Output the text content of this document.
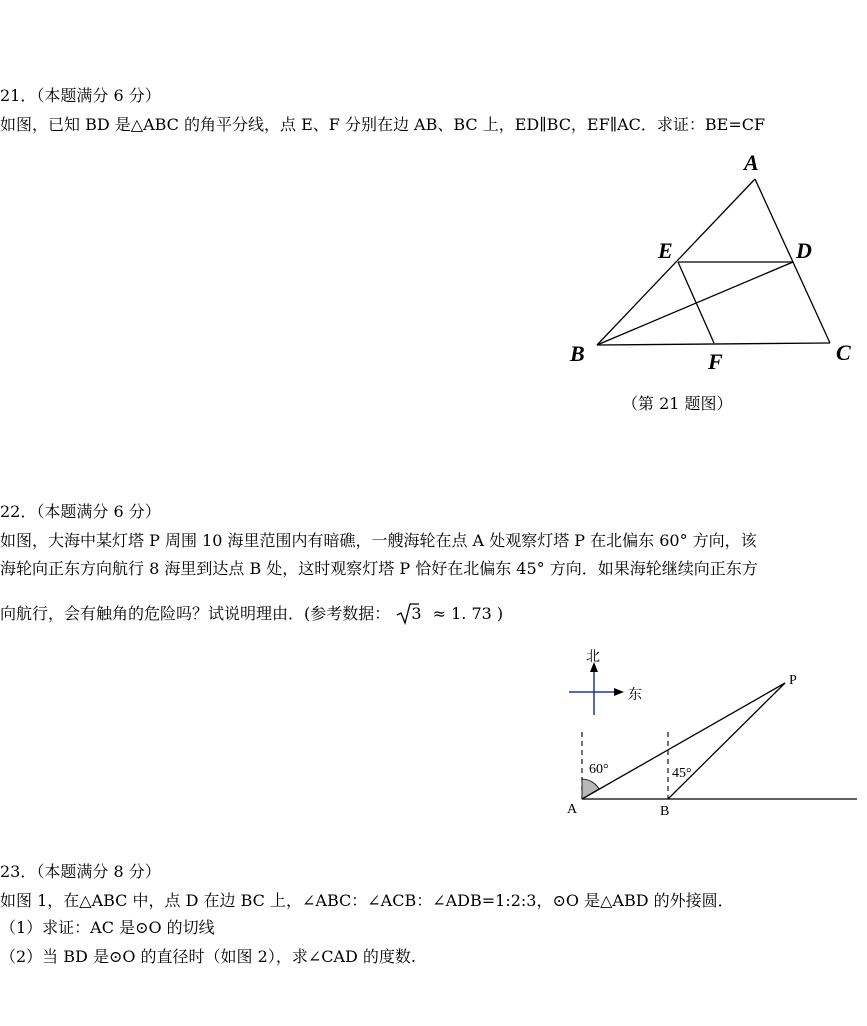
21．（本题满分 6 分）
如图，已知 BD 是△ABC 的角平分线，点 E、F 分别在边 AB、BC 上，ED∥BC，EF∥AC．求证：BE=CF
A
E	D
B	F	C
（第 21 题图）
22．（本题满分 6 分）
如图，大海中某灯塔 P 周围 10 海里范围内有暗礁，一艘海轮在点 A 处观察灯塔 P 在北偏东 60° 方向，该
海轮向正东方向航行 8 海里到达点 B 处，这时观察灯塔 P 恰好在北偏东 45° 方向．如果海轮继续向正东方
向航行，会有触角的危险吗？试说明理由．(参考数据： 3 ≈ 1. 73 )
北
东
P
A	B
60°	45°
23．（本题满分 8 分）
如图 1，在△ABC 中，点 D 在边 BC 上，∠ABC：∠ACB：∠ADB=1:2:3，⊙O 是△ABD 的外接圆．
（1）求证：AC 是⊙O 的切线
（2）当 BD 是⊙O 的直径时（如图 2），求∠CAD 的度数.
